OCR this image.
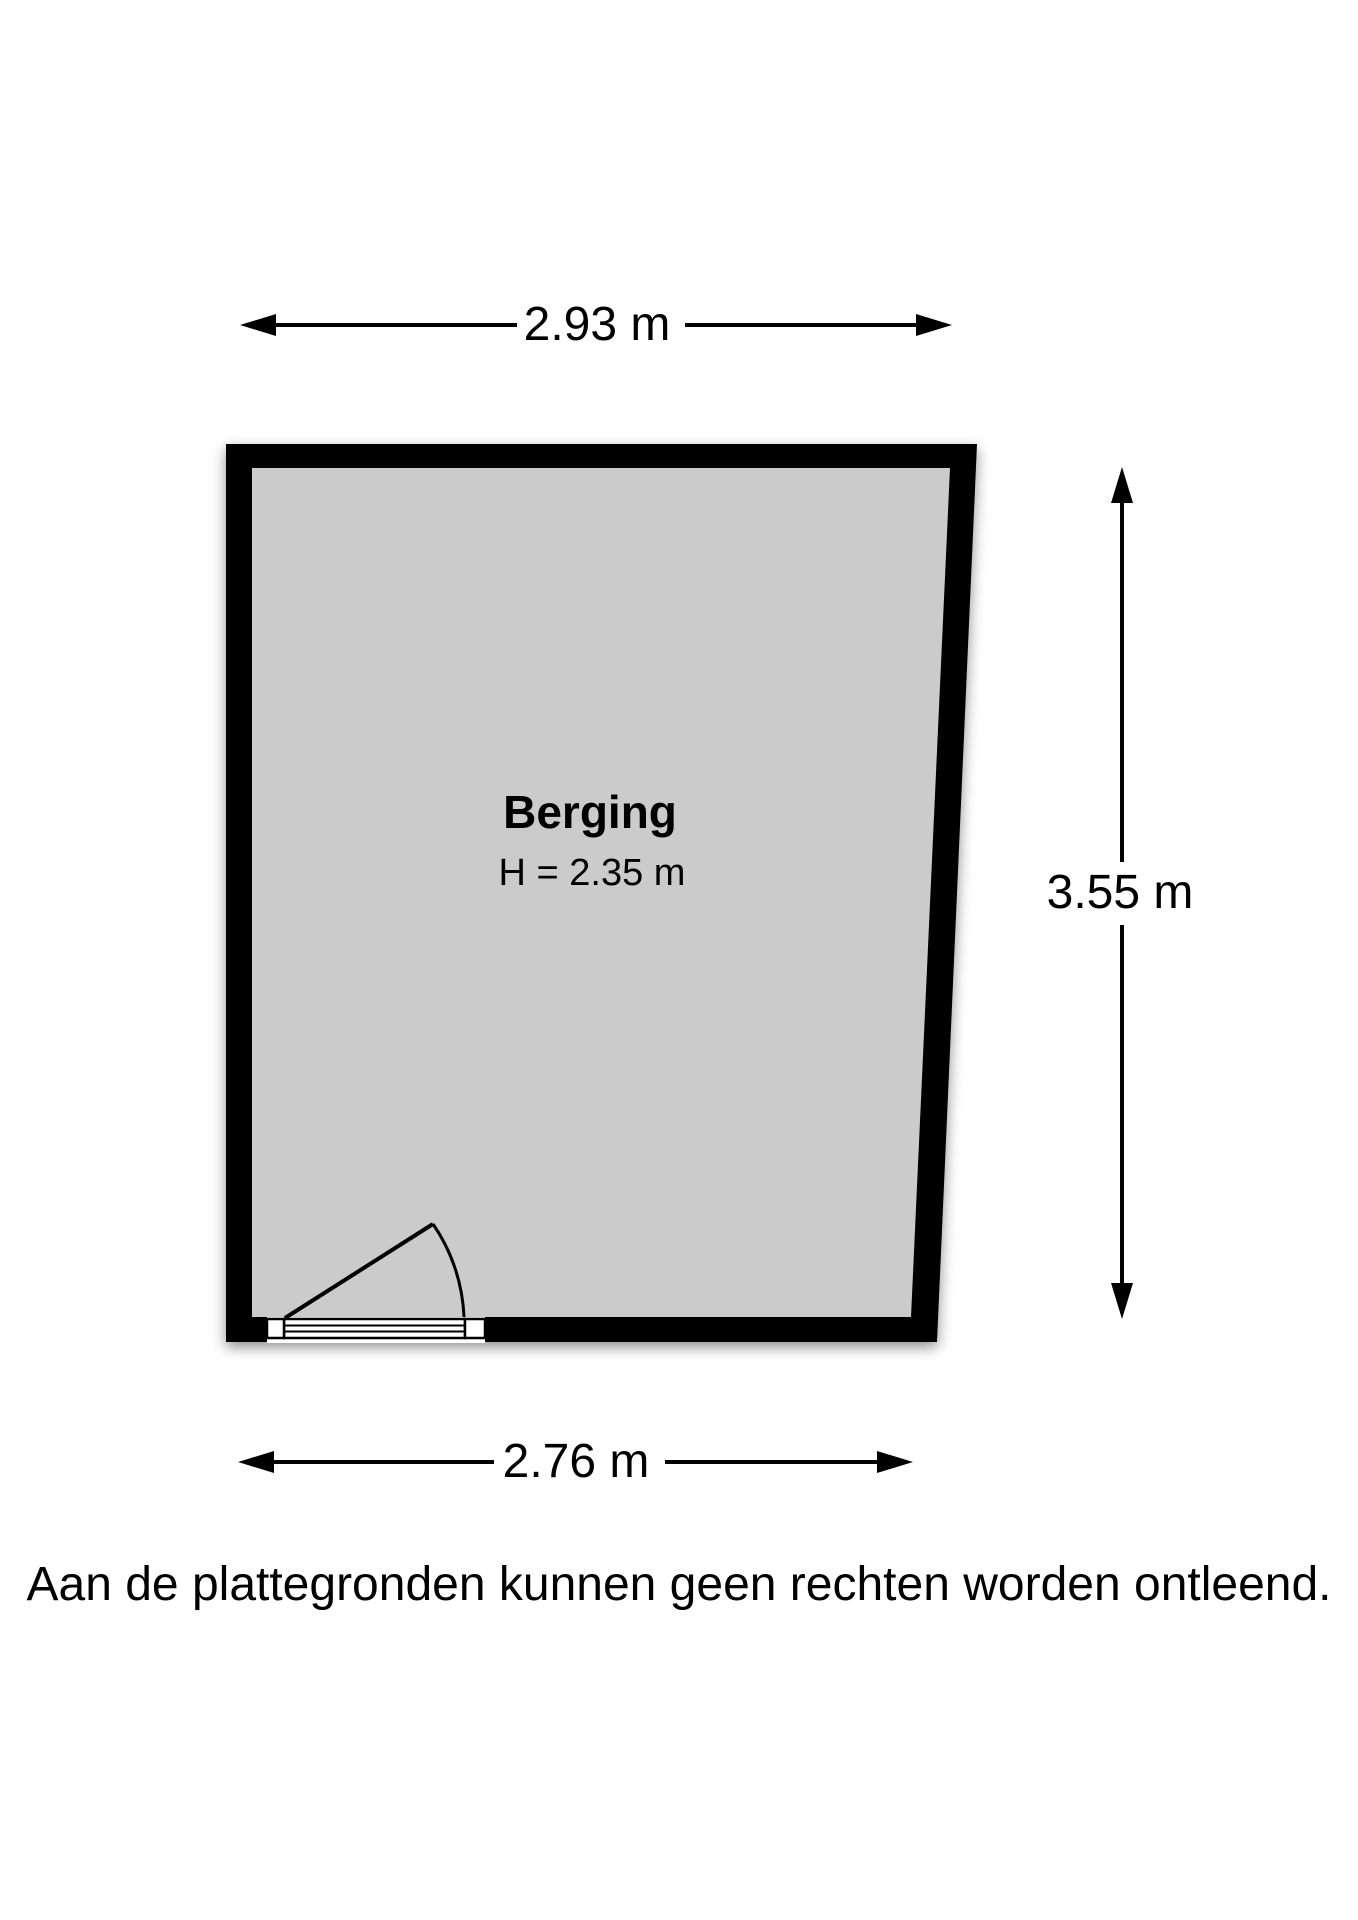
2.93 m
3.55 m
2.76 m
Berging
H = 2.35 m
Aan de plattegronden kunnen geen rechten worden ontleend.
